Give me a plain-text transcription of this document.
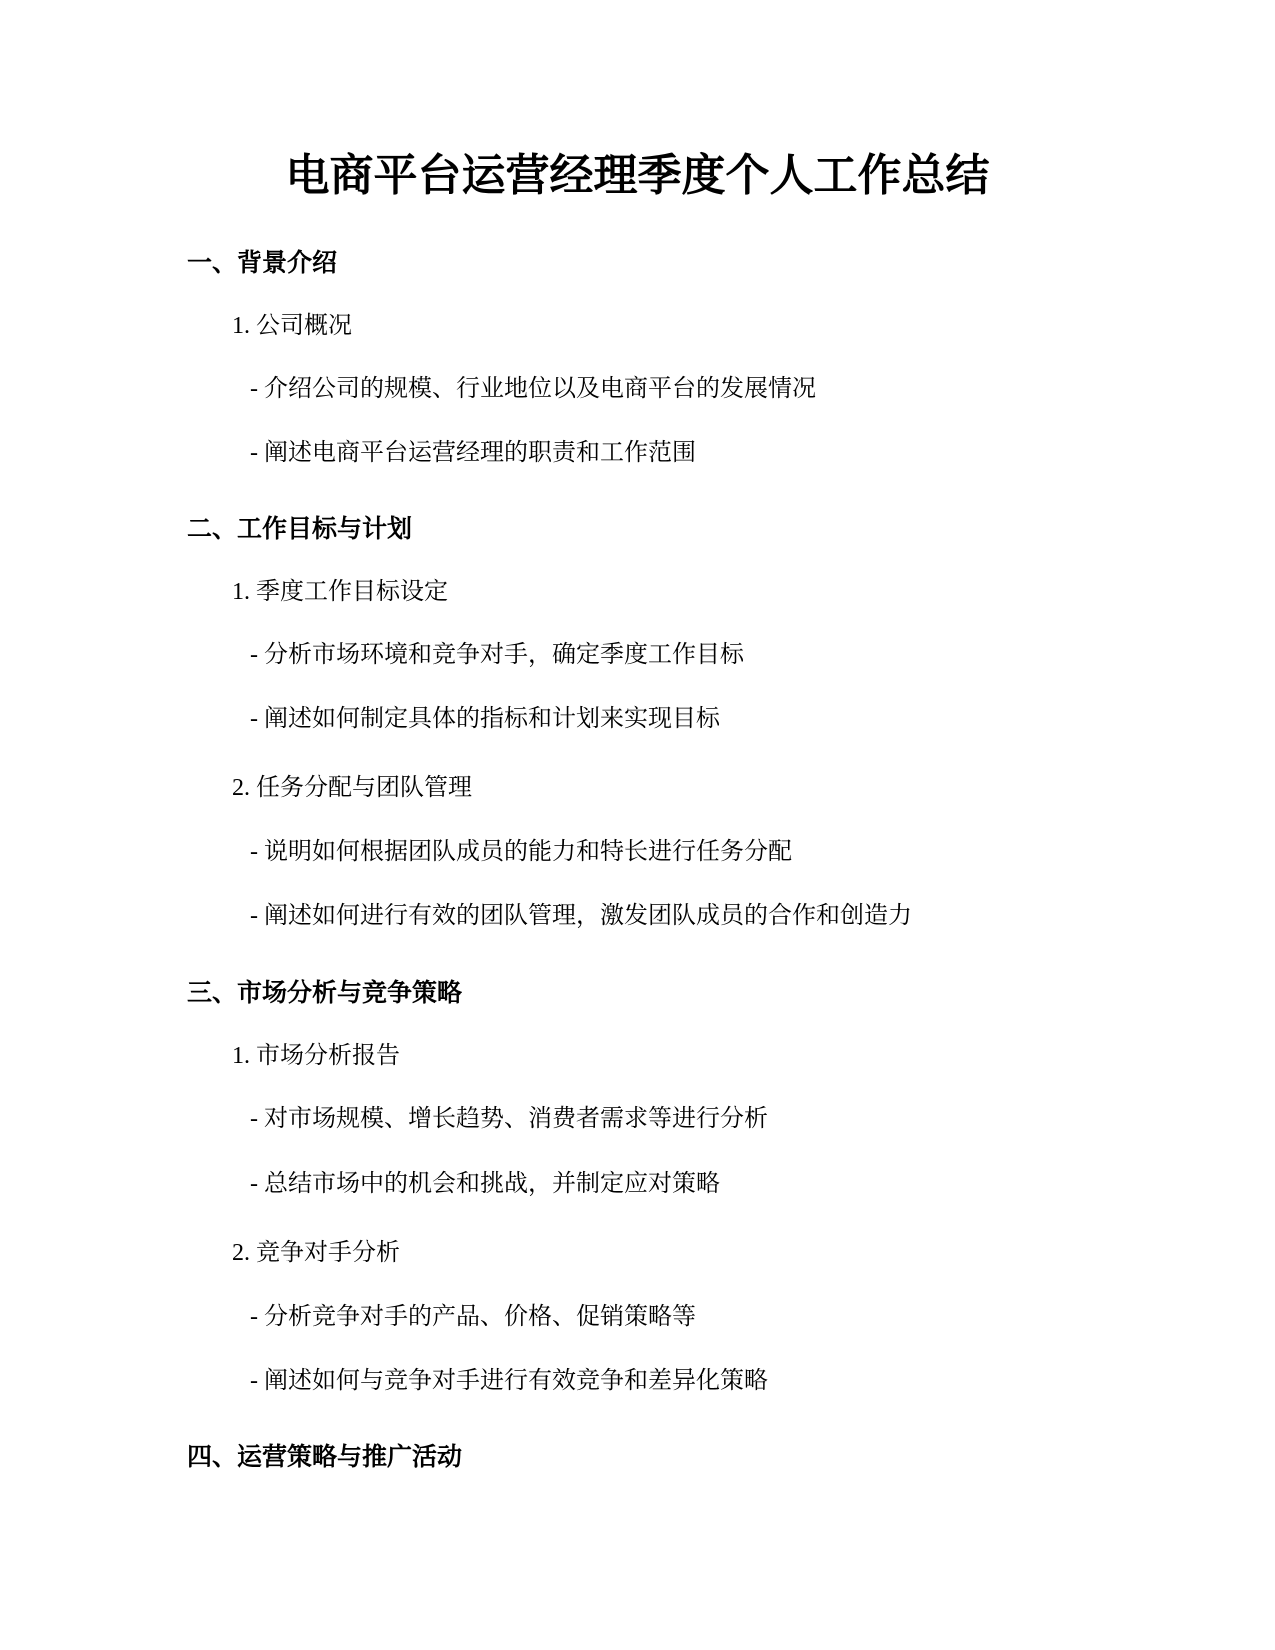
电商平台运营经理季度个人工作总结
一、背景介绍
1. 公司概况
- 介绍公司的规模、行业地位以及电商平台的发展情况
- 阐述电商平台运营经理的职责和工作范围
二、工作目标与计划
1. 季度工作目标设定
- 分析市场环境和竞争对手，确定季度工作目标
- 阐述如何制定具体的指标和计划来实现目标
2. 任务分配与团队管理
- 说明如何根据团队成员的能力和特长进行任务分配
- 阐述如何进行有效的团队管理，激发团队成员的合作和创造力
三、市场分析与竞争策略
1. 市场分析报告
- 对市场规模、增长趋势、消费者需求等进行分析
- 总结市场中的机会和挑战，并制定应对策略
2. 竞争对手分析
- 分析竞争对手的产品、价格、促销策略等
- 阐述如何与竞争对手进行有效竞争和差异化策略
四、运营策略与推广活动
